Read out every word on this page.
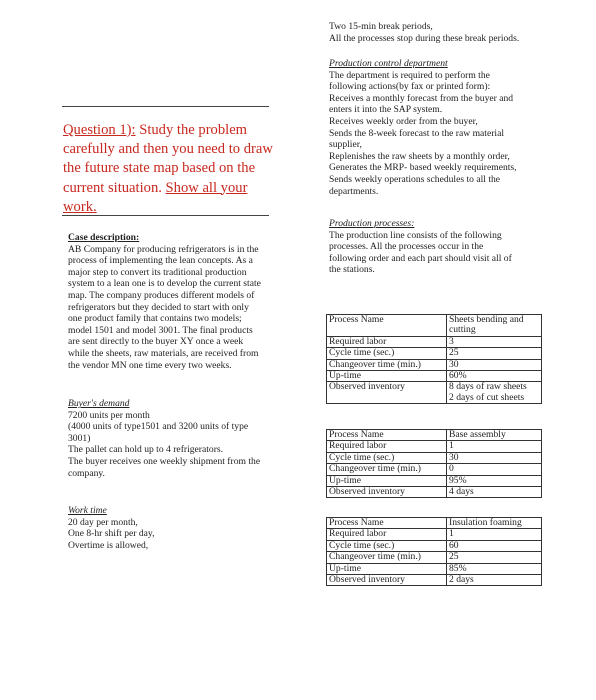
Two 15-min break periods,

All the processes stop during these break periods.

Production control department

The department is required to perform the

following actions(by fax or printed form):

Receives a monthly forecast from the buyer and

enters it into the SAP system.

Receives weekly order from the buyer,

Sends the 8-week forecast to the raw material

supplier,

Replenishes the raw sheets by a monthly order,

Generates the MRP- based weekly requirements,

Sends weekly operations schedules to all the

departments.

Production processes:

The production line consists of the following

processes. All the processes occur in the

following order and each part should visit all of

the stations.

Question 1): Study the problem carefully and then you need to draw the future state map based on the current situation. Show all your work.

Case description:

AB Company for producing refrigerators is in the

process of implementing the lean concepts. As a

major step to convert its traditional production

system to a lean one is to develop the current state

map. The company produces different models of

refrigerators but they decided to start with only

one product family that contains two models;

model 1501 and model 3001. The final products

are sent directly to the buyer XY once a week

while the sheets, raw materials, are received from

the vendor MN one time every two weeks.

Buyer's demand

7200 units per month

(4000 units of type1501 and 3200 units of type

3001)

The pallet can hold up to 4 refrigerators.

The buyer receives one weekly shipment from the

company.

Work time

20 day per month,

One 8-hr shift per day,

Overtime is allowed,

Process Name	Sheets bending and cutting
Required labor	3
Cycle time (sec.)	25
Changeover time (min.)	30
Up-time	60%
Observed inventory	8 days of raw sheets
2 days of cut sheets
Process Name	Base assembly
Required labor	1
Cycle time (sec.)	30
Changeover time (min.)	0
Up-time	95%
Observed inventory	4 days
Process Name	Insulation foaming
Required labor	1
Cycle time (sec.)	60
Changeover time (min.)	25
Up-time	85%
Observed inventory	2 days
